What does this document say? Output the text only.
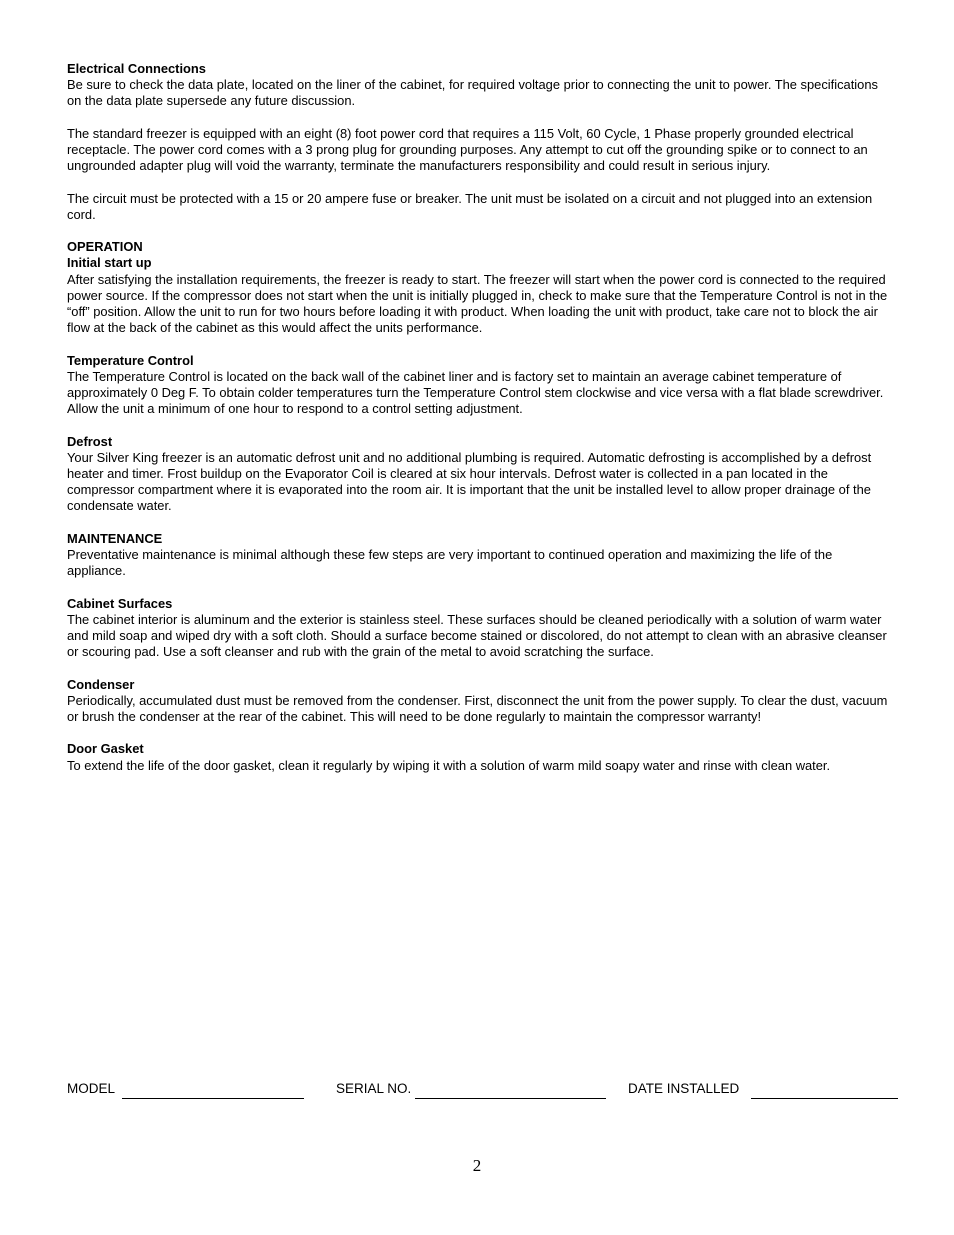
Electrical Connections

Be sure to check the data plate, located on the liner of the cabinet, for required voltage prior to connecting the unit to power. The specifications on the data plate supersede any future discussion.

The standard freezer is equipped with an eight (8) foot power cord that requires a 115 Volt, 60 Cycle, 1 Phase properly grounded electrical receptacle. The power cord comes with a 3 prong plug for grounding purposes. Any attempt to cut off the grounding spike or to connect to an ungrounded adapter plug will void the warranty, terminate the manufacturers responsibility and could result in serious injury.

The circuit must be protected with a 15 or 20 ampere fuse or breaker. The unit must be isolated on a circuit and not plugged into an extension cord.

OPERATION

Initial start up

After satisfying the installation requirements, the freezer is ready to start. The freezer will start when the power cord is connected to the required power source. If the compressor does not start when the unit is initially plugged in, check to make sure that the Temperature Control is not in the “off” position. Allow the unit to run for two hours before loading it with product. When loading the unit with product, take care not to block the air flow at the back of the cabinet as this would affect the units performance.

Temperature Control

The Temperature Control is located on the back wall of the cabinet liner and is factory set to maintain an average cabinet temperature of approximately 0 Deg F. To obtain colder temperatures turn the Temperature Control stem clockwise and vice versa with a flat blade screwdriver. Allow the unit a minimum of one hour to respond to a control setting adjustment.

Defrost

Your Silver King freezer is an automatic defrost unit and no additional plumbing is required. Automatic defrosting is accomplished by a defrost heater and timer. Frost buildup on the Evaporator Coil is cleared at six hour intervals. Defrost water is collected in a pan located in the compressor compartment where it is evaporated into the room air. It is important that the unit be installed level to allow proper drainage of the condensate water.

MAINTENANCE

Preventative maintenance is minimal although these few steps are very important to continued operation and maximizing the life of the appliance.

Cabinet Surfaces

The cabinet interior is aluminum and the exterior is stainless steel. These surfaces should be cleaned periodically with a solution of warm water and mild soap and wiped dry with a soft cloth. Should a surface become stained or discolored, do not attempt to clean with an abrasive cleanser or scouring pad. Use a soft cleanser and rub with the grain of the metal to avoid scratching the surface.

Condenser

Periodically, accumulated dust must be removed from the condenser. First, disconnect the unit from the power supply. To clear the dust, vacuum or brush the condenser at the rear of the cabinet. This will need to be done regularly to maintain the compressor warranty!

Door Gasket

To extend the life of the door gasket, clean it regularly by wiping it with a solution of warm mild soapy water and rinse with clean water.

MODEL	SERIAL NO.	DATE INSTALLED
2
